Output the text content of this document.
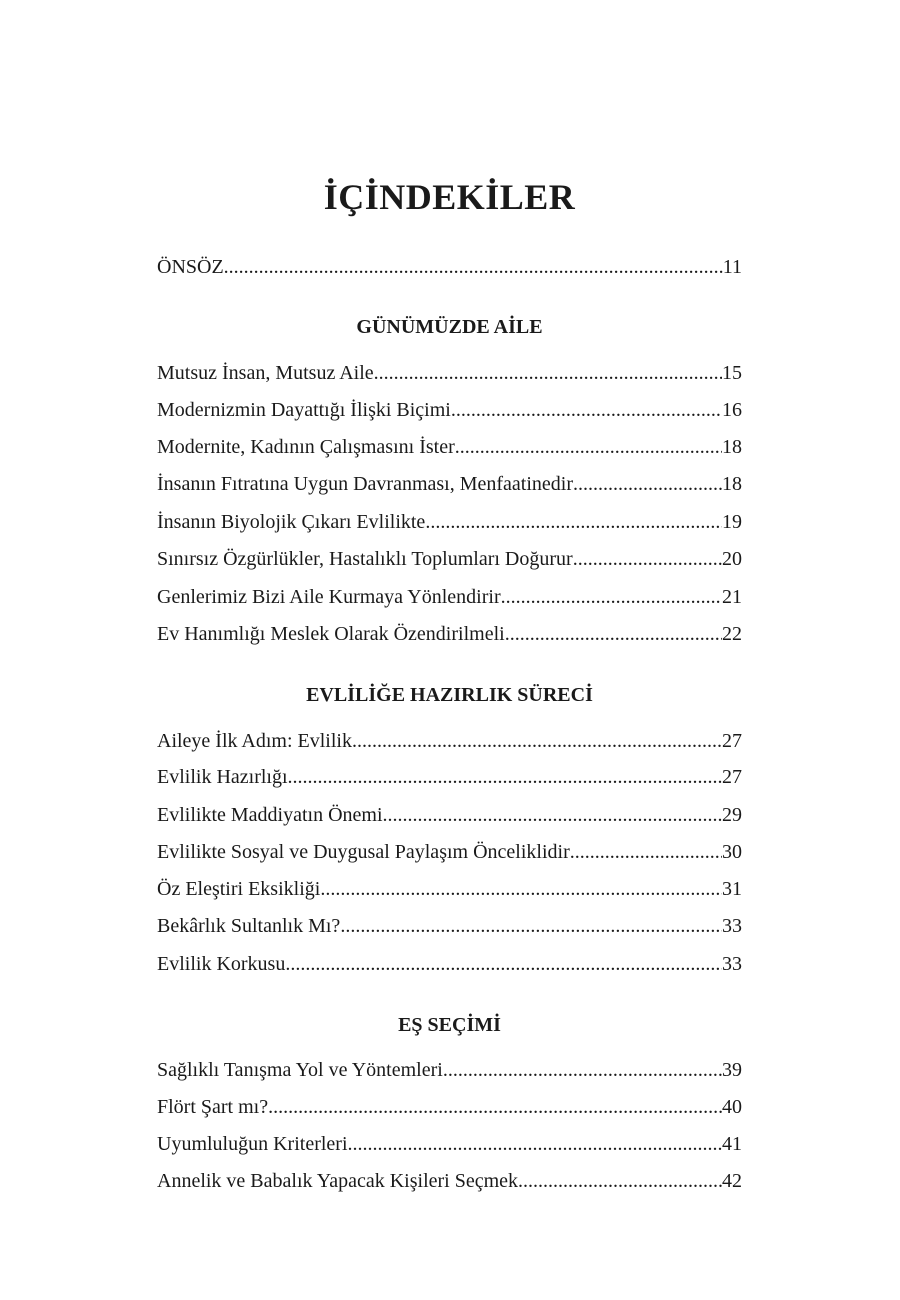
İÇİNDEKİLER
ÖNSÖZ .....	11
GÜNÜMÜZDE AİLE
Mutsuz İnsan, Mutsuz Aile .....	15
Modernizmin Dayattığı İlişki Biçimi .....	16
Modernite, Kadının Çalışmasını İster .....	18
İnsanın Fıtratına Uygun Davranması, Menfaatinedir .....	18
İnsanın Biyolojik Çıkarı Evlilikte .....	19
Sınırsız Özgürlükler, Hastalıklı Toplumları Doğurur .....	20
Genlerimiz Bizi Aile Kurmaya Yönlendirir .....	21
Ev Hanımlığı Meslek Olarak Özendirilmeli .....	22
EVLİLİĞE HAZIRLIK SÜRECİ
Aileye İlk Adım: Evlilik .....	27
Evlilik Hazırlığı .....	27
Evlilikte Maddiyatın Önemi .....	29
Evlilikte Sosyal ve Duygusal Paylaşım Önceliklidir .....	30
Öz Eleştiri Eksikliği .....	31
Bekârlık Sultanlık Mı? .....	33
Evlilik Korkusu .....	33
EŞ SEÇİMİ
Sağlıklı Tanışma Yol ve Yöntemleri .....	39
Flört Şart mı? .....	40
Uyumluluğun Kriterleri .....	41
Annelik ve Babalık Yapacak Kişileri Seçmek .....	42
